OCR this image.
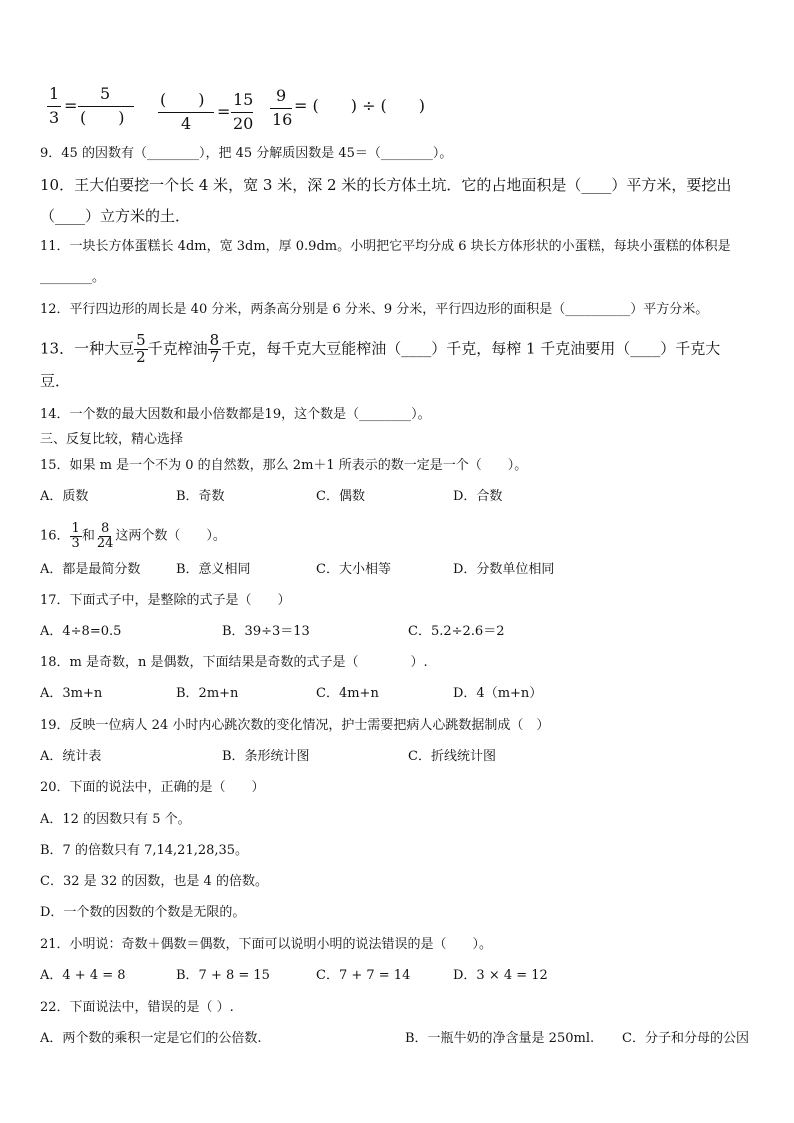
1
3
=
5
(　　)
(　　)
4
=
15
20
9
16
= (　　) ÷ (　　)
9．45 的因数有（________），把 45 分解质因数是 45＝（________）。
10．王大伯要挖一个长 4 米，宽 3 米，深 2 米的长方体土坑．它的占地面积是（____）平方米，要挖出
（____）立方米的土．
11．一块长方体蛋糕长 4dm，宽 3dm，厚 0.9dm。小明把它平均分成 6 块长方体形状的小蛋糕，每块小蛋糕的体积是
________。
12．平行四边形的周长是 40 分米，两条高分别是 6 分米、9 分米，平行四边形的面积是（__________）平方分米。
13．一种大豆 $\frac{5}{2}$ 千克榨油 $\frac{8}{7}$ 千克，每千克大豆能榨油（____）千克，每榨 1 千克油要用（____）千克大
豆．
14．一个数的最大因数和最小倍数都是19，这个数是（________）。
三、反复比较，精心选择
15．如果 m 是一个不为 0 的自然数，那么 2m＋1 所表示的数一定是一个（　　）。
A．质数	B．奇数	C．偶数	D．合数
16． $\frac{1}{3}$ 和 $\frac{8}{24}$ 这两个数（　　）。
A．都是最简分数	B．意义相同	C．大小相等	D．分数单位相同
17．下面式子中，是整除的式子是（　　）
A．4÷8=0.5	B．39÷3＝13	C．5.2÷2.6＝2
18．m 是奇数，n 是偶数，下面结果是奇数的式子是（　　　　）.
A．3m+n	B．2m+n	C．4m+n	D．4（m+n）
19．反映一位病人 24 小时内心跳次数的变化情况，护士需要把病人心跳数据制成（　）
A．统计表	B．条形统计图	C．折线统计图
20．下面的说法中，正确的是（　　）
A．12 的因数只有 5 个。
B．7 的倍数只有 7,14,21,28,35。
C．32 是 32 的因数，也是 4 的倍数。
D．一个数的因数的个数是无限的。
21．小明说：奇数＋偶数＝偶数，下面可以说明小明的说法错误的是（　　）。
A．4 + 4 = 8	B．7 + 8 = 15	C．7 + 7 = 14	D．3 × 4 = 12
22．下面说法中，错误的是（ ）.
A．两个数的乘积一定是它们的公倍数.	B．一瓶牛奶的净含量是 250ml. C．分子和分母的公因
